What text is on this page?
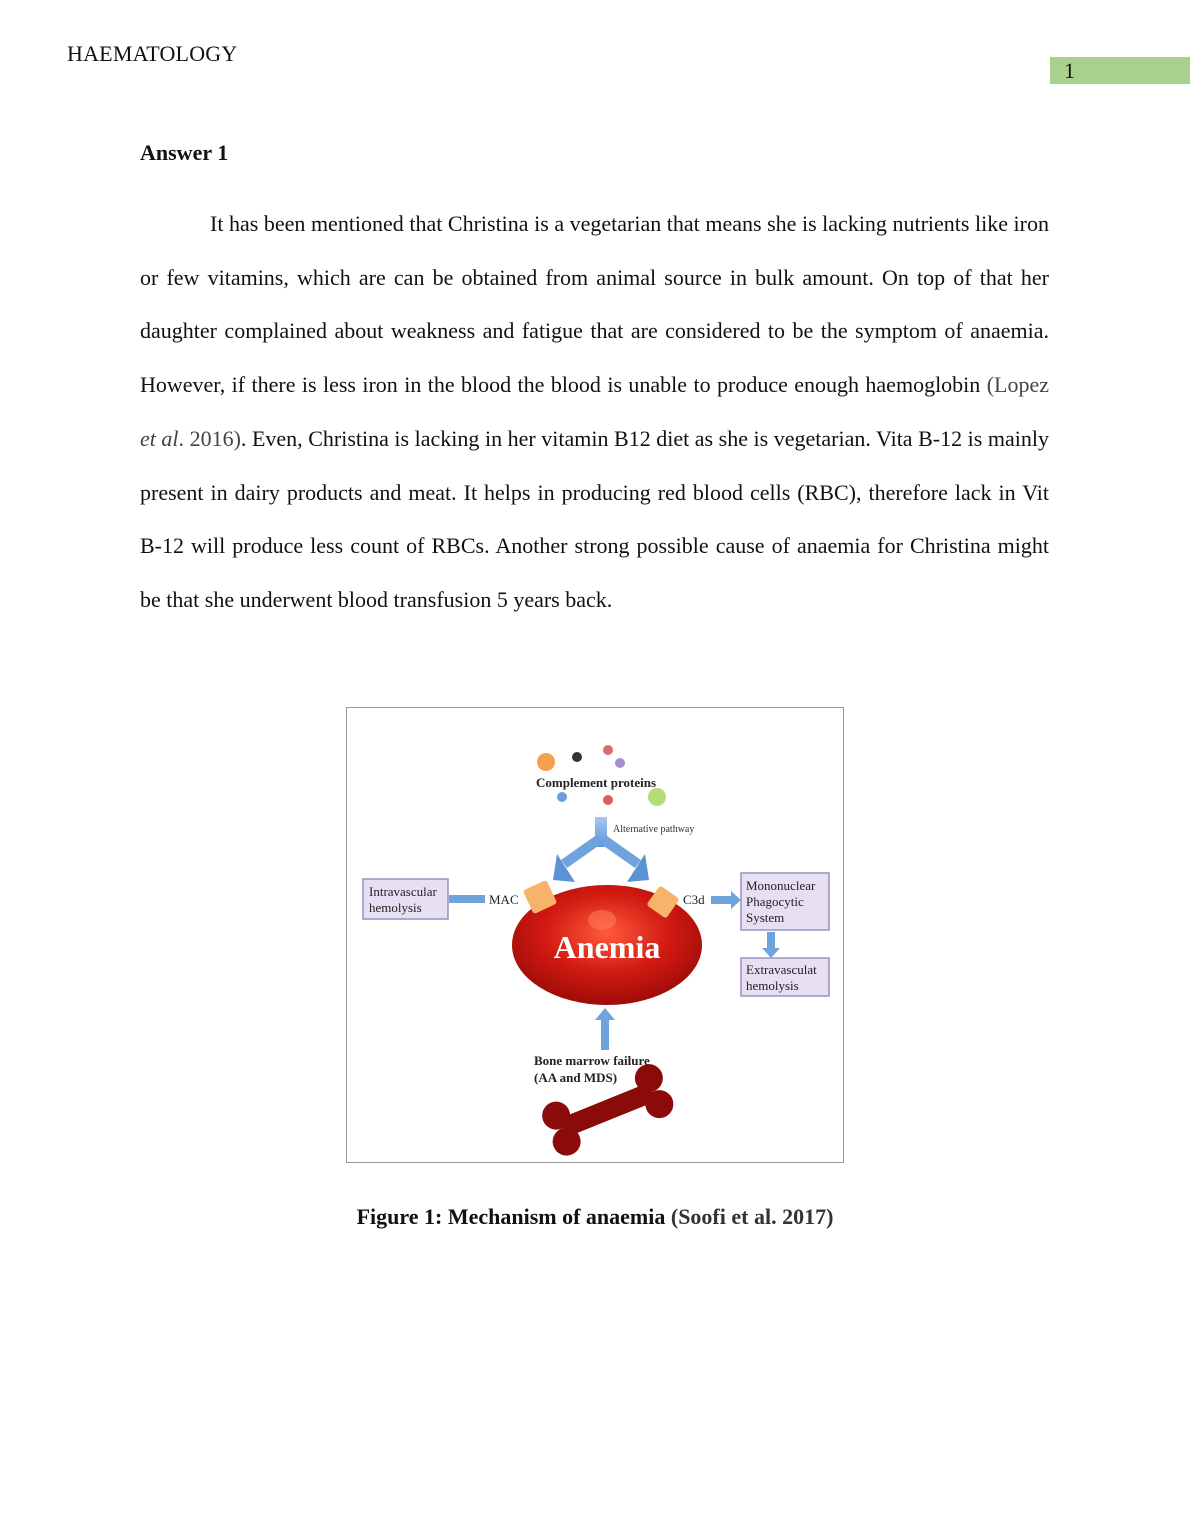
HAEMATOLOGY
1
Answer 1

It has been mentioned that Christina is a vegetarian that means she is lacking nutrients like iron or few vitamins, which are can be obtained from animal source in bulk amount. On top of that her daughter complained about weakness and fatigue that are considered to be the symptom of anaemia. However, if there is less iron in the blood the blood is unable to produce enough haemoglobin (Lopez et al. 2016). Even, Christina is lacking in her vitamin B12 diet as she is vegetarian. Vita B-12 is mainly present in dairy products and meat. It helps in producing red blood cells (RBC), therefore lack in Vit B-12 will produce less count of RBCs. Another strong possible cause of anaemia for Christina might be that she underwent blood transfusion 5 years back.

Complement proteins
Alternative pathway
Intravascular
hemolysis
MAC
Anemia
C3d
Mononuclear
Phagocytic
System
Extravasculat
hemolysis
Bone marrow failure
(AA and MDS)
Figure 1: Mechanism of anaemia (Soofi et al. 2017)
